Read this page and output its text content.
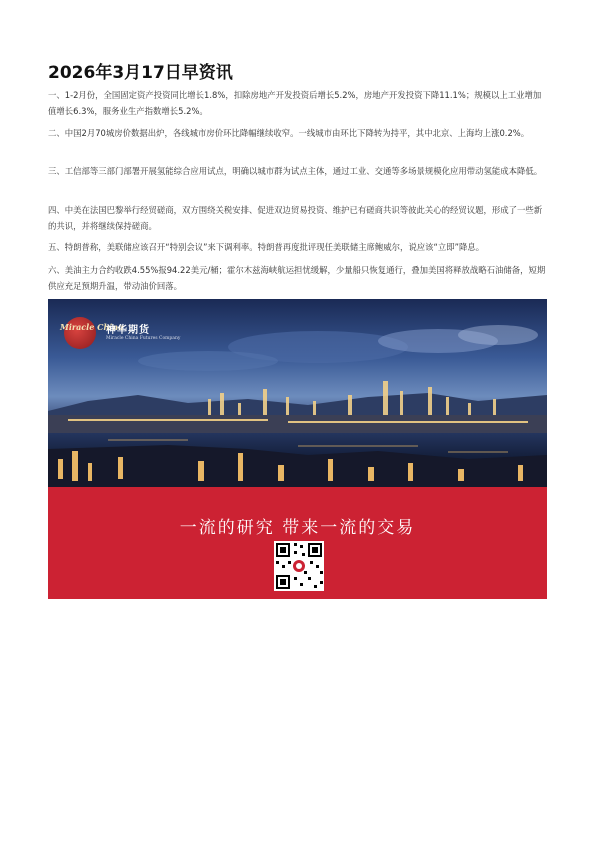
2026年3月17日早资讯

一、1-2月份，全国固定资产投资同比增长1.8%，扣除房地产开发投资后增长5.2%，房地产开发投资下降11.1%；规模以上工业增加值增长6.3%，服务业生产指数增长5.2%。

二、中国2月70城房价数据出炉，各线城市房价环比降幅继续收窄。一线城市由环比下降转为持平，其中北京、上海均上涨0.2%。

三、工信部等三部门部署开展氢能综合应用试点，明确以城市群为试点主体，通过工业、交通等多场景规模化应用带动氢能成本降低。

四、中美在法国巴黎举行经贸磋商，双方围绕关税安排、促进双边贸易投资、维护已有磋商共识等彼此关心的经贸议题，形成了一些新的共识，并将继续保持磋商。

五、特朗普称，美联储应该召开“特别会议”来下调利率。特朗普再度批评现任美联储主席鲍威尔，说应该“立即”降息。

六、美油主力合约收跌4.55%报94.22美元/桶；霍尔木兹海峡航运担忧缓解，少量船只恢复通行，叠加美国将释放战略石油储备，短期供应充足预期升温，带动油价回落。

Miracle China
神华期货
Miracle China Futures Company
一流的研究 带来一流的交易
